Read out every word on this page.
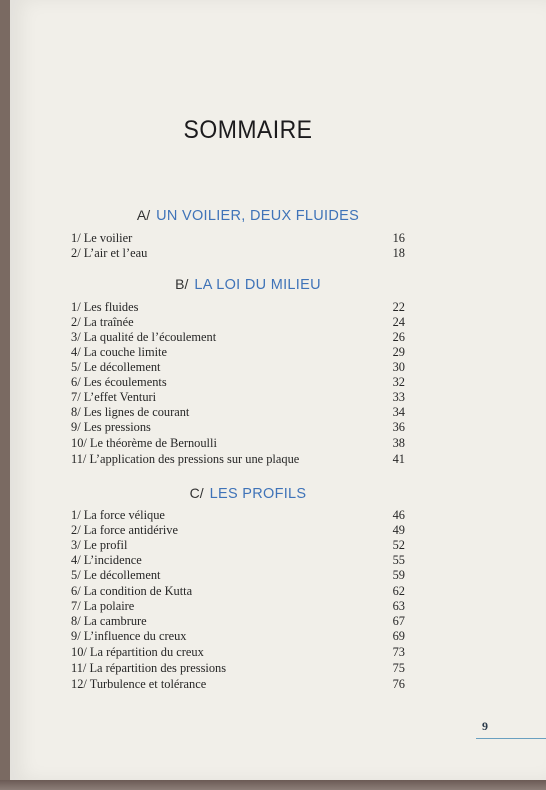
SOMMAIRE
A/ UN VOILIER, DEUX FLUIDES
1/ Le voilier	16
2/ L’air et l’eau	18
B/ LA LOI DU MILIEU
1/ Les fluides	22
2/ La traînée	24
3/ La qualité de l’écoulement	26
4/ La couche limite	29
5/ Le décollement	30
6/ Les écoulements	32
7/ L’effet Venturi	33
8/ Les lignes de courant	34
9/ Les pressions	36
10/ Le théorème de Bernoulli	38
11/ L’application des pressions sur une plaque	41
C/ LES PROFILS
1/ La force vélique	46
2/ La force antidérive	49
3/ Le profil	52
4/ L’incidence	55
5/ Le décollement	59
6/ La condition de Kutta	62
7/ La polaire	63
8/ La cambrure	67
9/ L’influence du creux	69
10/ La répartition du creux	73
11/ La répartition des pressions	75
12/ Turbulence et tolérance	76
9
